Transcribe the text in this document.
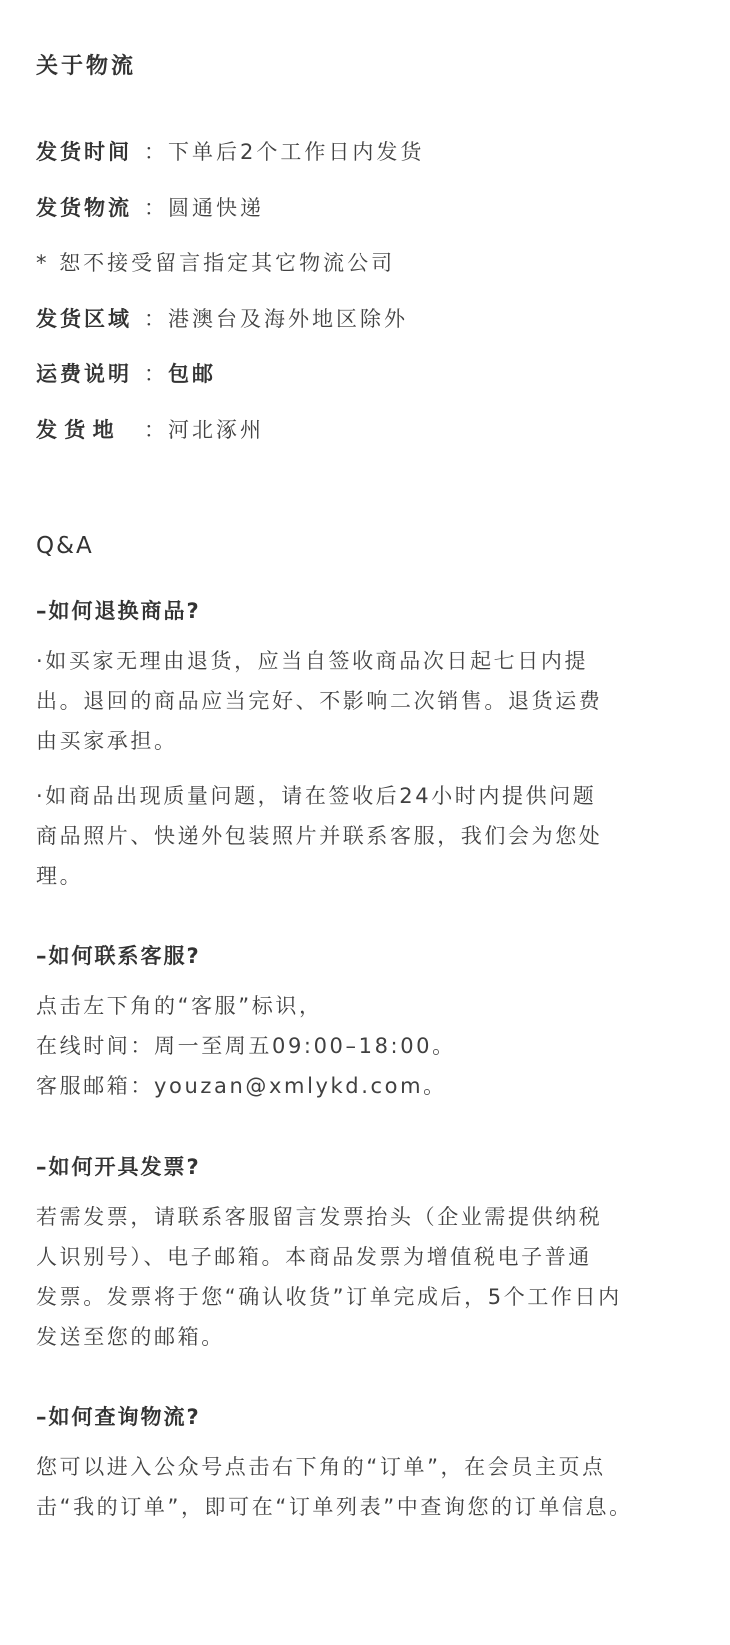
关于物流
发货时间 ：下单后2个工作日内发货
发货物流 ：圆通快递
* 恕不接受留言指定其它物流公司
发货区域 ：港澳台及海外地区除外
运费说明 ：包邮
发 货 地 ：河北涿州
Q&A
–如何退换商品?
·如买家无理由退货，应当自签收商品次日起七日内提
出。退回的商品应当完好、不影响二次销售。退货运费
由买家承担。
·如商品出现质量问题，请在签收后24小时内提供问题
商品照片、快递外包装照片并联系客服，我们会为您处
理。
–如何联系客服?
点击左下角的“客服”标识，
在线时间：周一至周五09:00–18:00。
客服邮箱：youzan@xmlykd.com。
–如何开具发票?
若需发票，请联系客服留言发票抬头（企业需提供纳税
人识别号）、电子邮箱。本商品发票为增值税电子普通
发票。发票将于您“确认收货”订单完成后，5个工作日内
发送至您的邮箱。
–如何查询物流?
您可以进入公众号点击右下角的“订单”，在会员主页点
击“我的订单”，即可在“订单列表”中查询您的订单信息。
